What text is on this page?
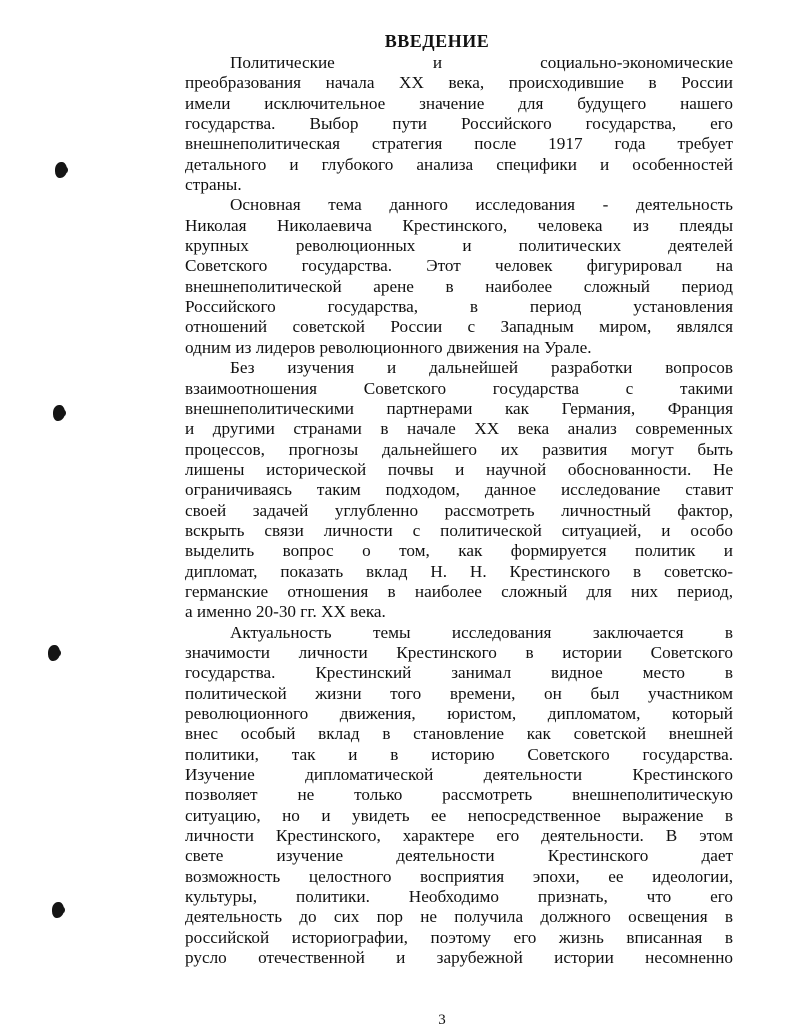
ВВЕДЕНИЕ
Политические и социально-экономические
преобразования начала XX века, происходившие в России
имели исключительное значение для будущего нашего
государства. Выбор пути Российского государства, его
внешнеполитическая стратегия после 1917 года требует
детального и глубокого анализа специфики и особенностей
страны.
Основная тема данного исследования - деятельность
Николая Николаевича Крестинского, человека из плеяды
крупных революционных и политических деятелей
Советского государства. Этот человек фигурировал на
внешнеполитической арене в наиболее сложный период
Российского государства, в период установления
отношений советской России с Западным миром, являлся
одним из лидеров революционного движения на Урале.
Без изучения и дальнейшей разработки вопросов
взаимоотношения Советского государства с такими
внешнеполитическими партнерами как Германия, Франция
и другими странами в начале XX века анализ современных
процессов, прогнозы дальнейшего их развития могут быть
лишены исторической почвы и научной обоснованности. Не
ограничиваясь таким подходом, данное исследование ставит
своей задачей углубленно рассмотреть личностный фактор,
вскрыть связи личности с политической ситуацией, и особо
выделить вопрос о том, как формируется политик и
дипломат, показать вклад Н. Н. Крестинского в советско-
германские отношения в наиболее сложный для них период,
а именно 20-30 гг. XX века.
Актуальность темы исследования заключается в
значимости личности Крестинского в истории Советского
государства. Крестинский занимал видное место в
политической жизни того времени, он был участником
революционного движения, юристом, дипломатом, который
внес особый вклад в становление как советской внешней
политики, так и в историю Советского государства.
Изучение дипломатической деятельности Крестинского
позволяет не только рассмотреть внешнеполитическую
ситуацию, но и увидеть ее непосредственное выражение в
личности Крестинского, характере его деятельности. В этом
свете изучение деятельности Крестинского дает
возможность целостного восприятия эпохи, ее идеологии,
культуры, политики. Необходимо признать, что его
деятельность до сих пор не получила должного освещения в
российской историографии, поэтому его жизнь вписанная в
русло отечественной и зарубежной истории несомненно
3
